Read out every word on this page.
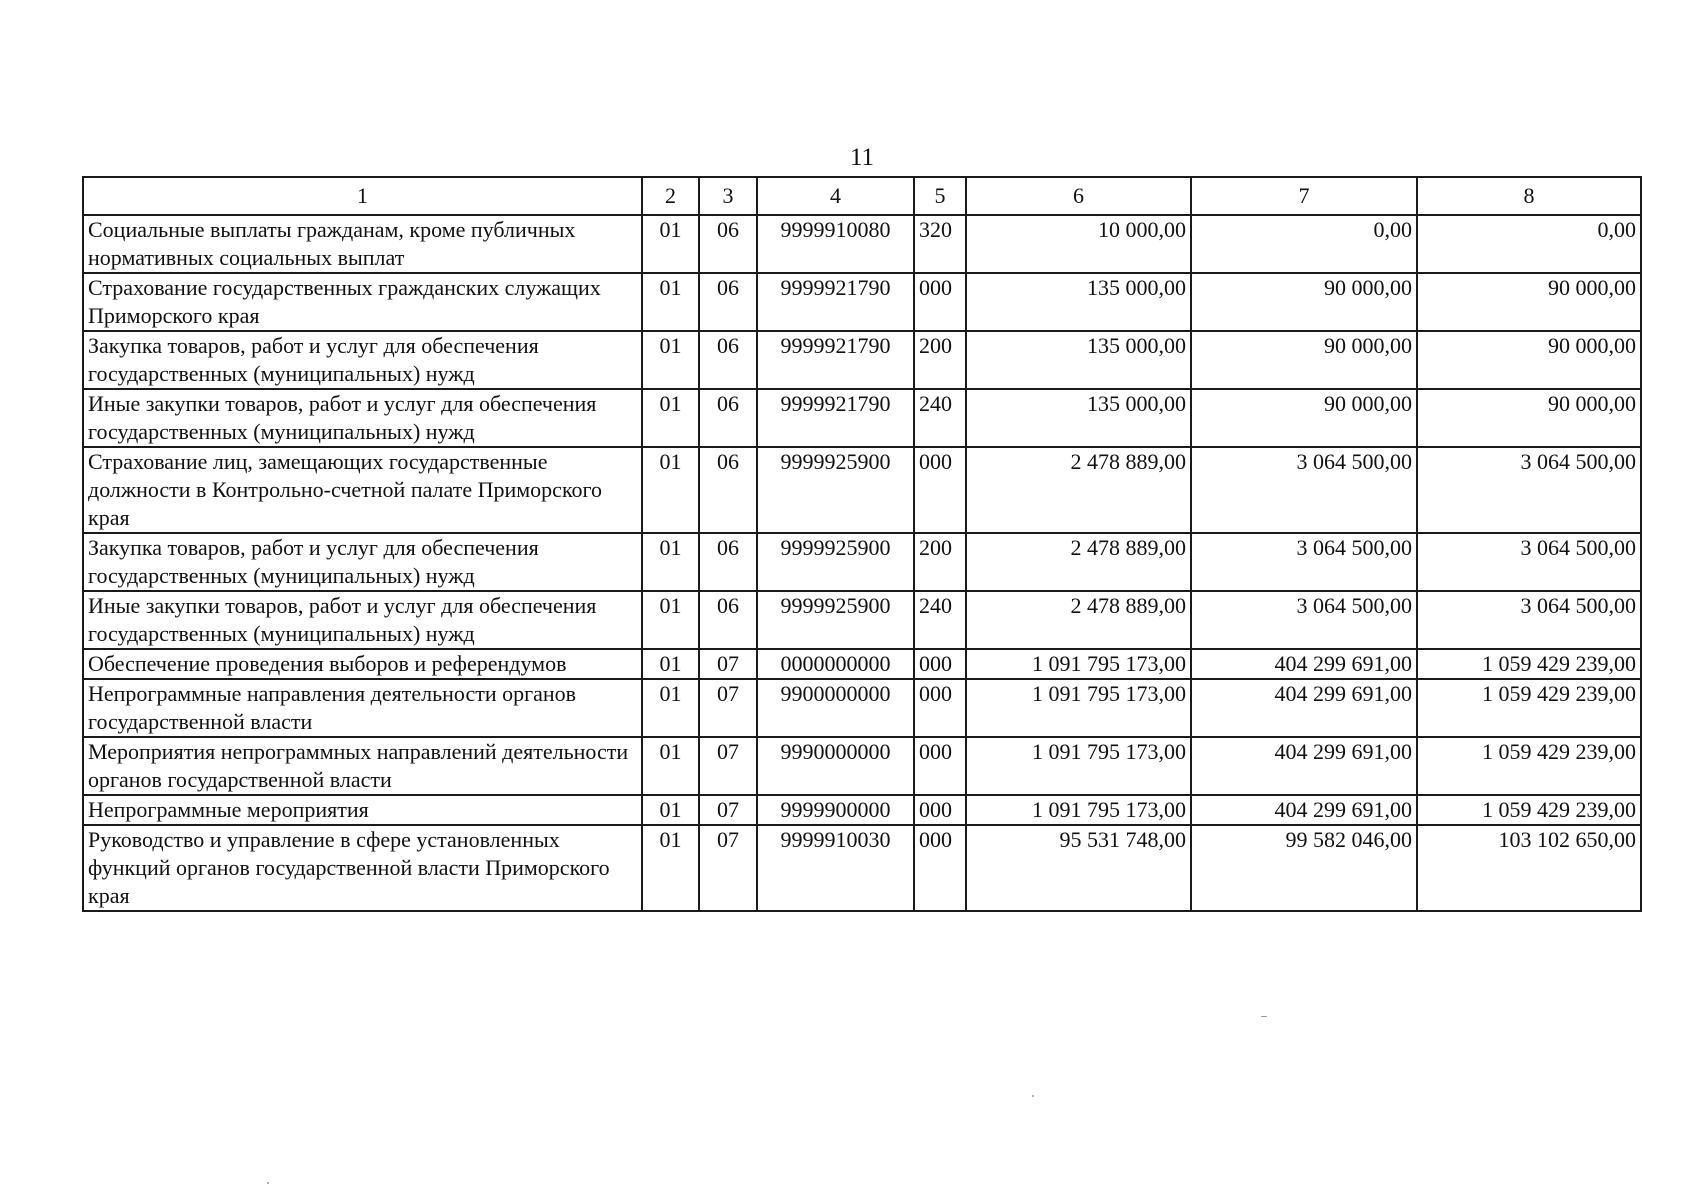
11
1	2	3	4	5	6	7	8
Социальные выплаты гражданам, кроме публичных нормативных социальных выплат	01	06	9999910080	320	10 000,00	0,00	0,00
Страхование государственных гражданских служащих Приморского края	01	06	9999921790	000	135 000,00	90 000,00	90 000,00
Закупка товаров, работ и услуг для обеспечения государственных (муниципальных) нужд	01	06	9999921790	200	135 000,00	90 000,00	90 000,00
Иные закупки товаров, работ и услуг для обеспечения государственных (муниципальных) нужд	01	06	9999921790	240	135 000,00	90 000,00	90 000,00
Страхование лиц, замещающих государственные должности в Контрольно-счетной палате Приморского края	01	06	9999925900	000	2 478 889,00	3 064 500,00	3 064 500,00
Закупка товаров, работ и услуг для обеспечения государственных (муниципальных) нужд	01	06	9999925900	200	2 478 889,00	3 064 500,00	3 064 500,00
Иные закупки товаров, работ и услуг для обеспечения государственных (муниципальных) нужд	01	06	9999925900	240	2 478 889,00	3 064 500,00	3 064 500,00
Обеспечение проведения выборов и референдумов	01	07	0000000000	000	1 091 795 173,00	404 299 691,00	1 059 429 239,00
Непрограммные направления деятельности органов государственной власти	01	07	9900000000	000	1 091 795 173,00	404 299 691,00	1 059 429 239,00
Мероприятия непрограммных направлений деятельности органов государственной власти	01	07	9990000000	000	1 091 795 173,00	404 299 691,00	1 059 429 239,00
Непрограммные мероприятия	01	07	9999900000	000	1 091 795 173,00	404 299 691,00	1 059 429 239,00
Руководство и управление в сфере установленных функций органов государственной власти Приморского края	01	07	9999910030	000	95 531 748,00	99 582 046,00	103 102 650,00
